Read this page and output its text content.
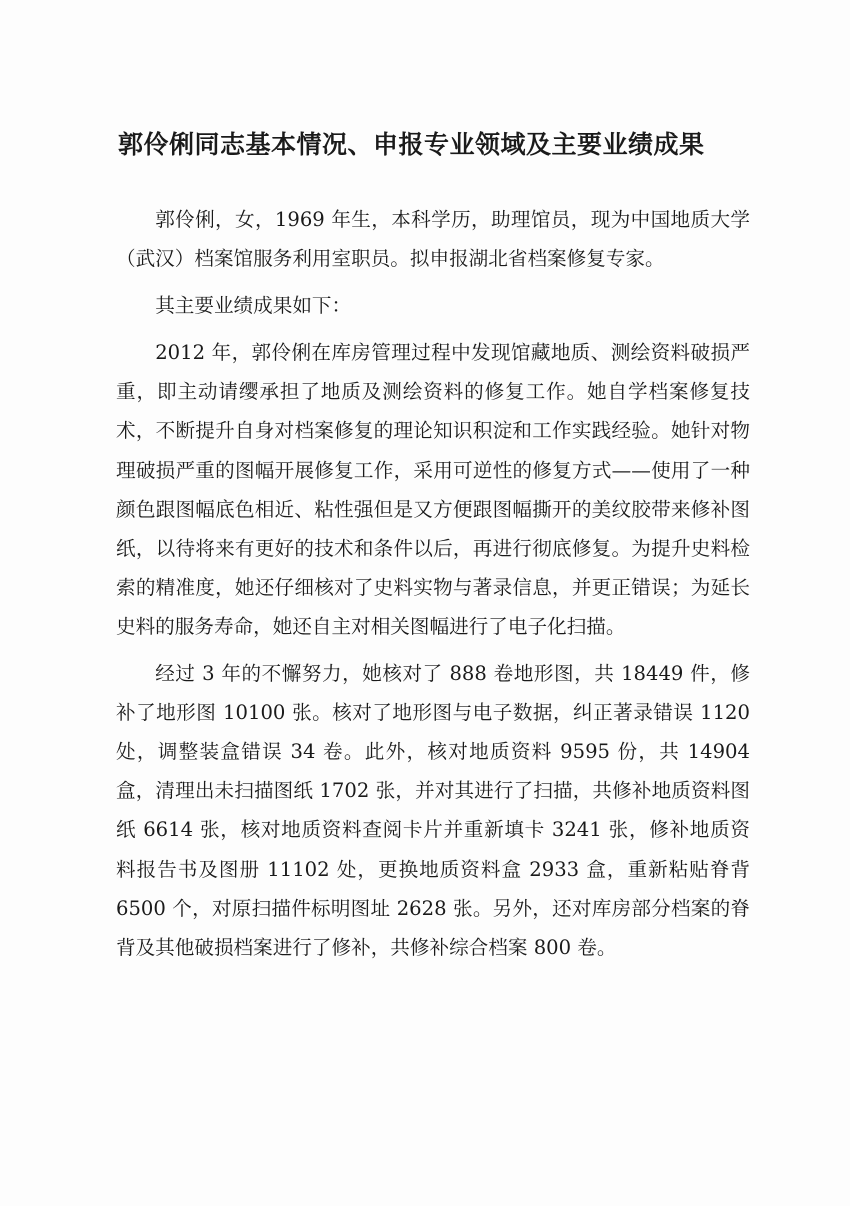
郭伶俐同志基本情况、申报专业领域及主要业绩成果

郭伶俐，女，1969 年生，本科学历，助理馆员，现为中国地质大学（武汉）档案馆服务利用室职员。拟申报湖北省档案修复专家。

其主要业绩成果如下：

2012 年，郭伶俐在库房管理过程中发现馆藏地质、测绘资料破损严重，即主动请缨承担了地质及测绘资料的修复工作。她自学档案修复技术，不断提升自身对档案修复的理论知识积淀和工作实践经验。她针对物理破损严重的图幅开展修复工作，采用可逆性的修复方式——使用了一种颜色跟图幅底色相近、粘性强但是又方便跟图幅撕开的美纹胶带来修补图纸，以待将来有更好的技术和条件以后，再进行彻底修复。为提升史料检索的精准度，她还仔细核对了史料实物与著录信息，并更正错误；为延长史料的服务寿命，她还自主对相关图幅进行了电子化扫描。

经过 3 年的不懈努力，她核对了 888 卷地形图，共 18449 件，修补了地形图 10100 张。核对了地形图与电子数据，纠正著录错误 1120 处，调整装盒错误 34 卷。此外，核对地质资料 9595 份，共 14904 盒，清理出未扫描图纸 1702 张，并对其进行了扫描，共修补地质资料图纸 6614 张，核对地质资料查阅卡片并重新填卡 3241 张，修补地质资料报告书及图册 11102 处，更换地质资料盒 2933 盒，重新粘贴脊背 6500 个，对原扫描件标明图址 2628 张。另外，还对库房部分档案的脊背及其他破损档案进行了修补，共修补综合档案 800 卷。
